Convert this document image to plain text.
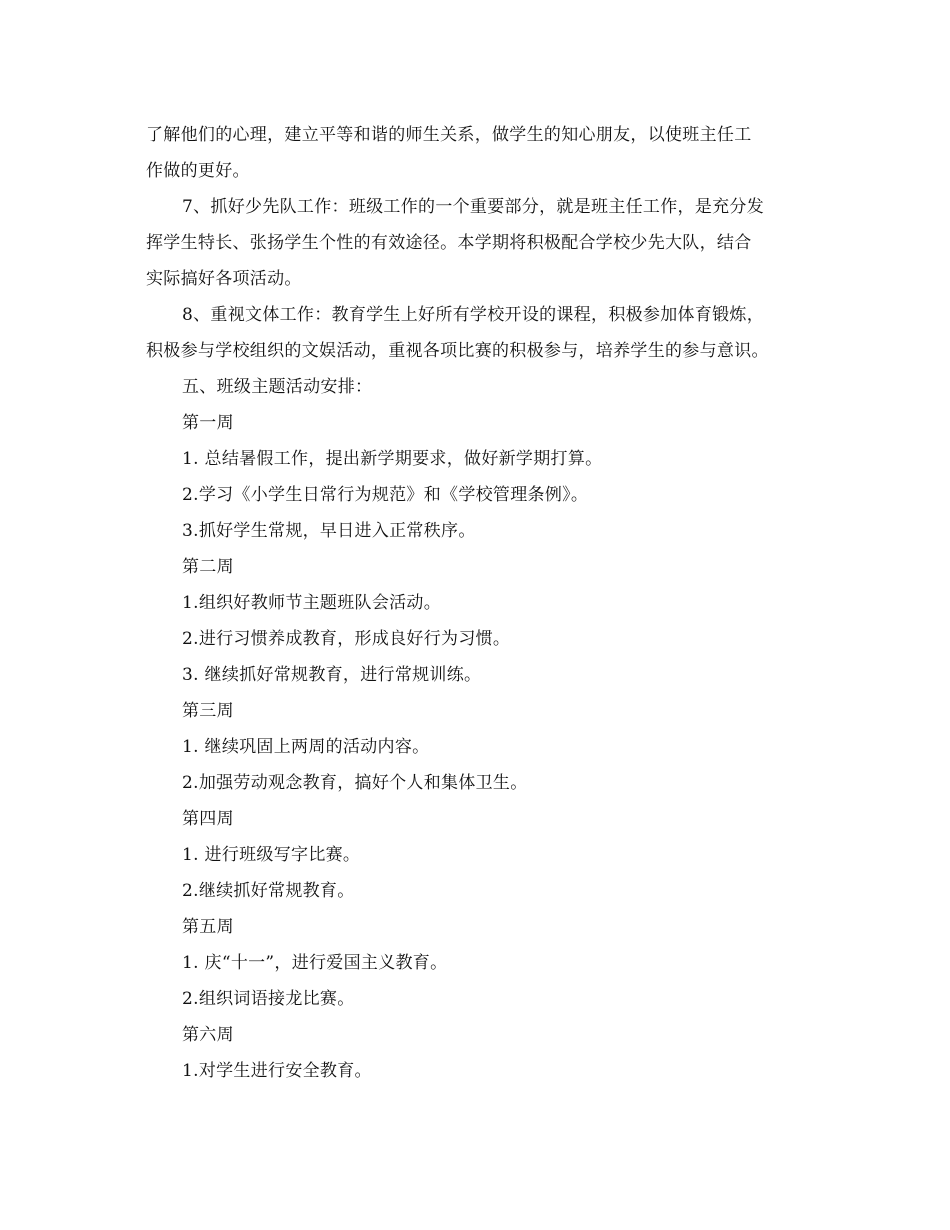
了解他们的心理，建立平等和谐的师生关系，做学生的知心朋友，以使班主任工
作做的更好。

7、抓好少先队工作：班级工作的一个重要部分，就是班主任工作，是充分发
挥学生特长、张扬学生个性的有效途径。本学期将积极配合学校少先大队，结合
实际搞好各项活动。

8、重视文体工作：教育学生上好所有学校开设的课程，积极参加体育锻炼，
积极参与学校组织的文娱活动，重视各项比赛的积极参与，培养学生的参与意识。

五、班级主题活动安排：

第一周

1. 总结暑假工作，提出新学期要求，做好新学期打算。

2.学习《小学生日常行为规范》和《学校管理条例》。

3.抓好学生常规，早日进入正常秩序。

第二周

1.组织好教师节主题班队会活动。

2.进行习惯养成教育，形成良好行为习惯。

3. 继续抓好常规教育，进行常规训练。

第三周

1. 继续巩固上两周的活动内容。

2.加强劳动观念教育，搞好个人和集体卫生。

第四周

1. 进行班级写字比赛。

2.继续抓好常规教育。

第五周

1. 庆“十一”，进行爱国主义教育。

2.组织词语接龙比赛。

第六周

1.对学生进行安全教育。
